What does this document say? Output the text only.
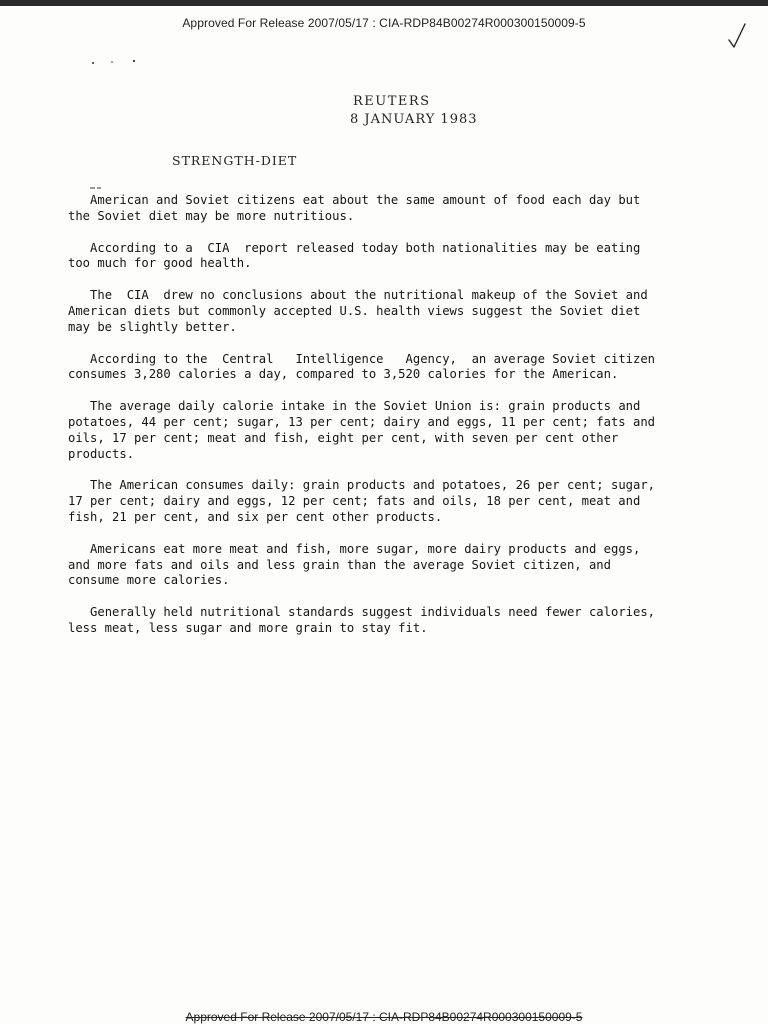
Approved For Release 2007/05/17 : CIA-RDP84B00274R000300150009-5
REUTERS
8 JANUARY 1983
STRENGTH-DIET

American and Soviet citizens eat about the same amount of food each day but
the Soviet diet may be more nutritious.

According to a  CIA  report released today both nationalities may be eating
too much for good health.

The  CIA  drew no conclusions about the nutritional makeup of the Soviet and
American diets but commonly accepted U.S. health views suggest the Soviet diet
may be slightly better.

According to the  Central   Intelligence   Agency,  an average Soviet citizen
consumes 3,280 calories a day, compared to 3,520 calories for the American.

The average daily calorie intake in the Soviet Union is: grain products and
potatoes, 44 per cent; sugar, 13 per cent; dairy and eggs, 11 per cent; fats and
oils, 17 per cent; meat and fish, eight per cent, with seven per cent other
products.

The American consumes daily: grain products and potatoes, 26 per cent; sugar,
17 per cent; dairy and eggs, 12 per cent; fats and oils, 18 per cent, meat and
fish, 21 per cent, and six per cent other products.

Americans eat more meat and fish, more sugar, more dairy products and eggs,
and more fats and oils and less grain than the average Soviet citizen, and
consume more calories.

Generally held nutritional standards suggest individuals need fewer calories,
less meat, less sugar and more grain to stay fit.

Approved For Release 2007/05/17 : CIA-RDP84B00274R000300150009-5
